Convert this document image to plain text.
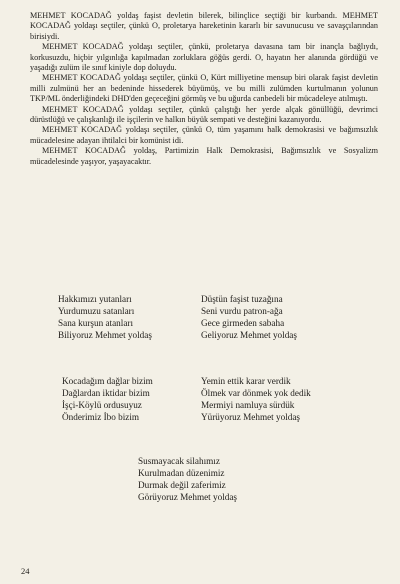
MEHMET KOCADAĞ yoldaş faşist devletin bilerek, bilinçlice seçtiği bir kurbandı. MEHMET KOCADAĞ yoldaşı seçtiler, çünkü O, proletarya hareketinin kararlı bir savunucusu ve savaşçılarından birisiydi.

MEHMET KOCADAĞ yoldaşı seçtiler, çünkü, proletarya davasına tam bir inançla bağlıydı, korkusuzdu, hiçbir yılgınlığa kapılmadan zorluklara göğüs gerdi. O, hayatın her alanında gördüğü ve yaşadığı zulüm ile sınıf kiniyle dop doluydu.

MEHMET KOCADAĞ yoldaşı seçtiler, çünkü O, Kürt milliyetine mensup biri olarak faşist devletin milli zulmünü her an bedeninde hissederek büyümüş, ve bu milli zulümden kurtulmanın yolunun TKP/ML önderliğindeki DHD'den geçeceğini görmüş ve bu uğurda canbedeli bir mücadeleye atılmıştı.

MEHMET KOCADAĞ yoldaşı seçtiler, çünkü çalıştığı her yerde alçak gönüllüğü, devrimci dürüstlüğü ve çalışkanlığı ile işçilerin ve halkın büyük sempati ve desteğini kazanıyordu.

MEHMET KOCADAĞ yoldaşı seçtiler, çünkü O, tüm yaşamını halk demokrasisi ve bağımsızlık mücadelesine adayan ihtilalci bir komünist idi.

MEHMET KOCADAĞ yoldaş, Partimizin Halk Demokrasisi, Bağımsızlık ve Sosyalizm mücadelesinde yaşıyor, yaşayacaktır.

Hakkımızı yutanları
Yurdumuzu satanları
Sana kurşun atanları
Biliyoruz Mehmet yoldaş
Düştün faşist tuzağına
Seni vurdu patron-ağa
Gece girmeden sabaha
Geliyoruz Mehmet yoldaş
Kocadağım dağlar bizim
Dağlardan iktidar bizim
İşçi-Köylü ordusuyuz
Önderimiz İbo bizim
Yemin ettik karar verdik
Ölmek var dönmek yok dedik
Mermiyi namluya sürdük
Yürüyoruz Mehmet yoldaş
Susmayacak silahımız
Kurulmadan düzenimiz
Durmak değil zaferimiz
Görüyoruz Mehmet yoldaş
24
